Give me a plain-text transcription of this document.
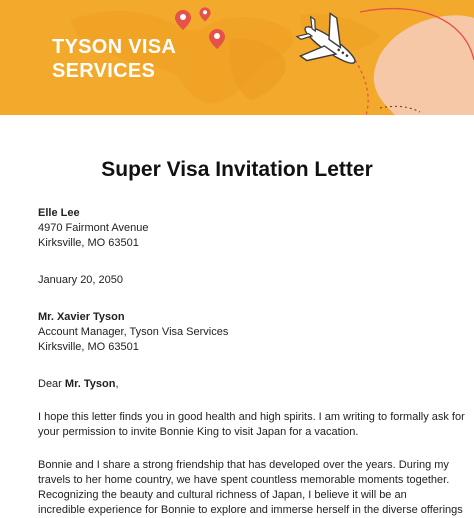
TYSON VISA
SERVICES
Super Visa Invitation Letter
Elle Lee
4970 Fairmont Avenue
Kirksville, MO 63501
January 20, 2050
Mr. Xavier Tyson
Account Manager, Tyson Visa Services
Kirksville, MO 63501
Dear Mr. Tyson,
I hope this letter finds you in good health and high spirits. I am writing to formally ask for
your permission to invite Bonnie King to visit Japan for a vacation.
Bonnie and I share a strong friendship that has developed over the years. During my
travels to her home country, we have spent countless memorable moments together.
Recognizing the beauty and cultural richness of Japan, I believe it will be an
incredible experience for Bonnie to explore and immerse herself in the diverse offerings
